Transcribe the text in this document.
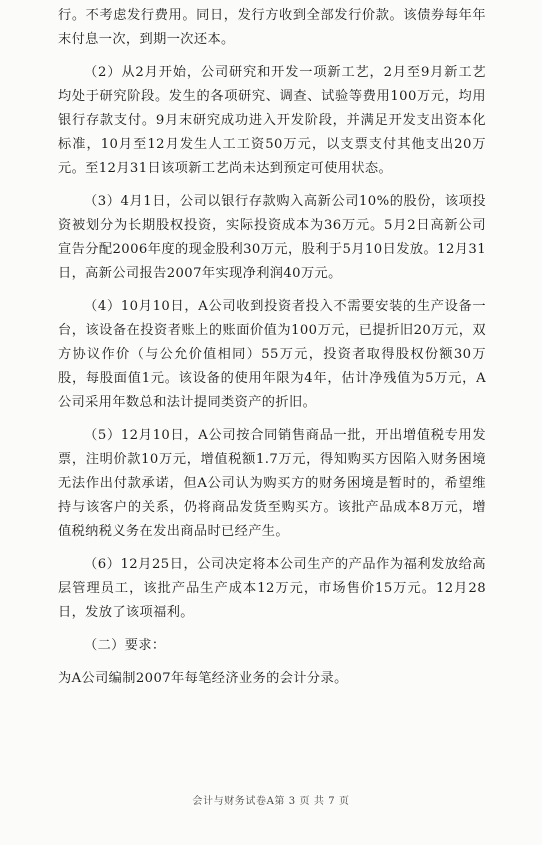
行。不考虑发行费用。同日，发行方收到全部发行价款。该债券每年年末付息一次，到期一次还本。

（2）从2月开始，公司研究和开发一项新工艺，2月至9月新工艺均处于研究阶段。发生的各项研究、调查、试验等费用100万元，均用银行存款支付。9月末研究成功进入开发阶段，并满足开发支出资本化标准，10月至12月发生人工工资50万元，以支票支付其他支出20万元。至12月31日该项新工艺尚未达到预定可使用状态。

（3）4月1日，公司以银行存款购入高新公司10%的股份，该项投资被划分为长期股权投资，实际投资成本为36万元。5月2日高新公司宣告分配2006年度的现金股利30万元，股利于5月10日发放。12月31日，高新公司报告2007年实现净利润40万元。

（4）10月10日，A公司收到投资者投入不需要安装的生产设备一台，该设备在投资者账上的账面价值为100万元，已提折旧20万元，双方协议作价（与公允价值相同）55万元，投资者取得股权份额30万股，每股面值1元。该设备的使用年限为4年，估计净残值为5万元，A公司采用年数总和法计提同类资产的折旧。

（5）12月10日，A公司按合同销售商品一批，开出增值税专用发票，注明价款10万元，增值税额1.7万元，得知购买方因陷入财务困境无法作出付款承诺，但A公司认为购买方的财务困境是暂时的，希望维持与该客户的关系，仍将商品发货至购买方。该批产品成本8万元，增值税纳税义务在发出商品时已经产生。

（6）12月25日，公司决定将本公司生产的产品作为福利发放给高层管理员工，该批产品生产成本12万元，市场售价15万元。12月28日，发放了该项福利。

（二）要求：

为A公司编制2007年每笔经济业务的会计分录。

会计与财务试卷A第 3 页 共 7 页
